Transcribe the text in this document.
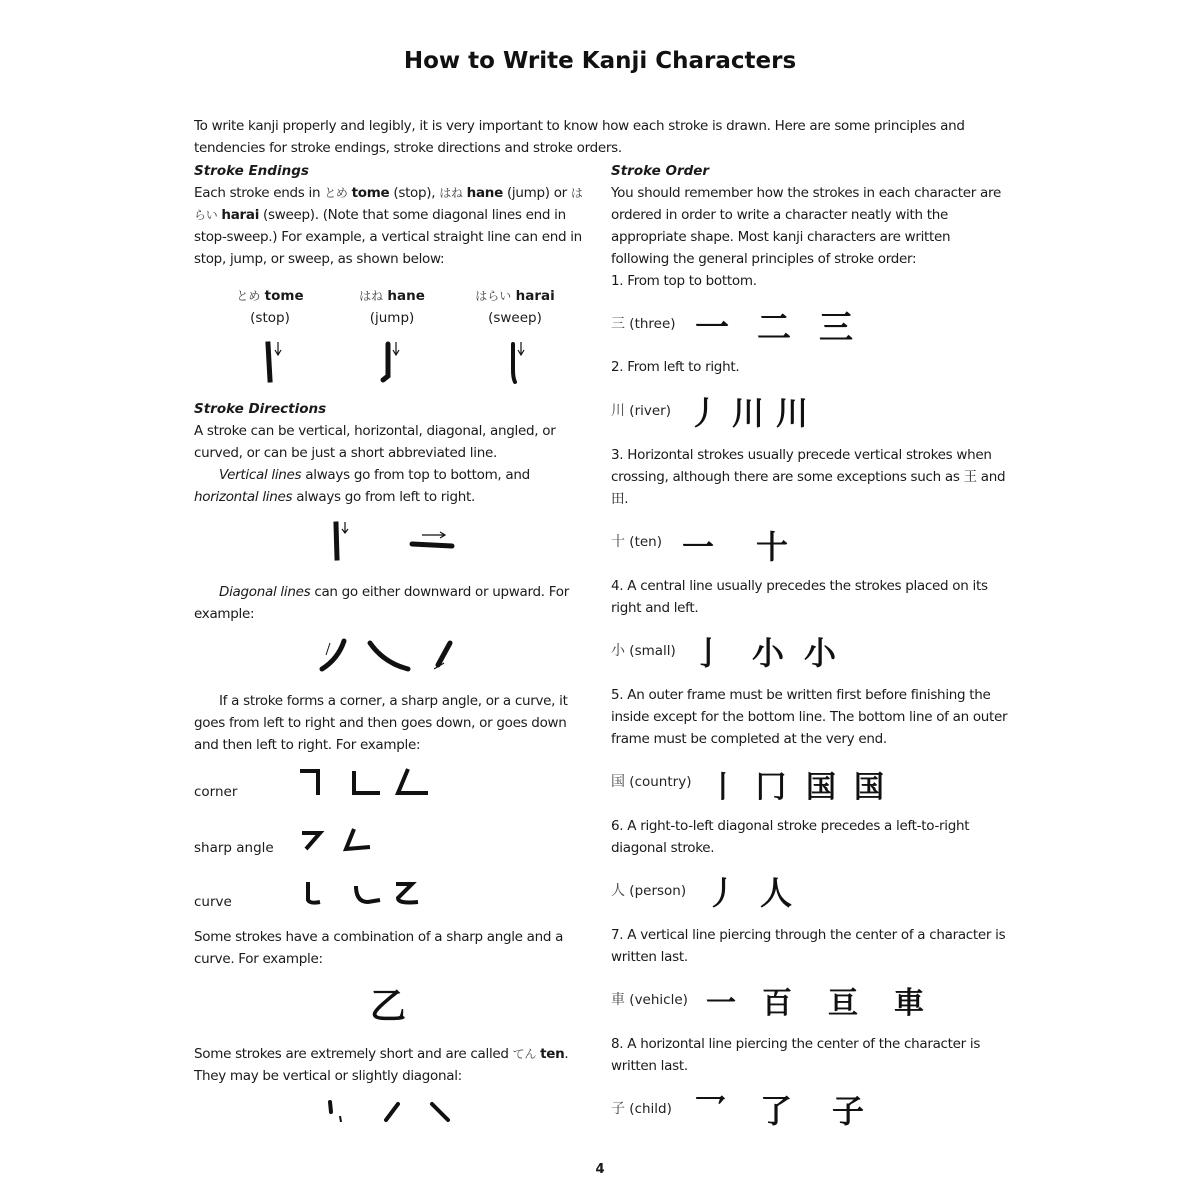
How to Write Kanji Characters

To write kanji properly and legibly, it is very important to know how each stroke is drawn. Here are some principles and tendencies for stroke endings, stroke directions and stroke orders.

Stroke Endings

Each stroke ends in とめ tome (stop), はね hane (jump) or はらい harai (sweep). (Note that some diagonal lines end in stop-sweep.) For example, a vertical straight line can end in stop, jump, or sweep, as shown below:

とめ tome
(stop)
はね hane
(jump)
はらい harai
(sweep)
Stroke Directions

A stroke can be vertical, horizontal, diagonal, angled, or curved, or can be just a short abbreviated line.

Vertical lines always go from top to bottom, and horizontal lines always go from left to right.

Diagonal lines can go either downward or upward. For example:

If a stroke forms a corner, a sharp angle, or a curve, it goes from left to right and then goes down, or goes down and then left to right. For example:

corner
sharp angle
curve

Some strokes have a combination of a sharp angle and a curve. For example:

乙

Some strokes are extremely short and are called てん ten. They may be vertical or slightly diagonal:

Stroke Order

You should remember how the strokes in each character are ordered in order to write a character neatly with the appropriate shape. Most kanji characters are written following the general principles of stroke order:

1. From top to bottom.

三 (three) 一 二 三

2. From left to right.

川 (river) 丿 川 川

3. Horizontal strokes usually precede vertical strokes when crossing, although there are some exceptions such as 王 and 田.

十 (ten) 一 十

4. A central line usually precedes the strokes placed on its right and left.

小 (small) 亅 小 小

5. An outer frame must be written first before finishing the inside except for the bottom line. The bottom line of an outer frame must be completed at the very end.

国 (country) 丨 冂 国 国

6. A right-to-left diagonal stroke precedes a left-to-right diagonal stroke.

人 (person) 丿 人

7. A vertical line piercing through the center of a character is written last.

車 (vehicle) 一 百 亘 車

8. A horizontal line piercing the center of the character is written last.

子 (child) 乛 了 子
4
